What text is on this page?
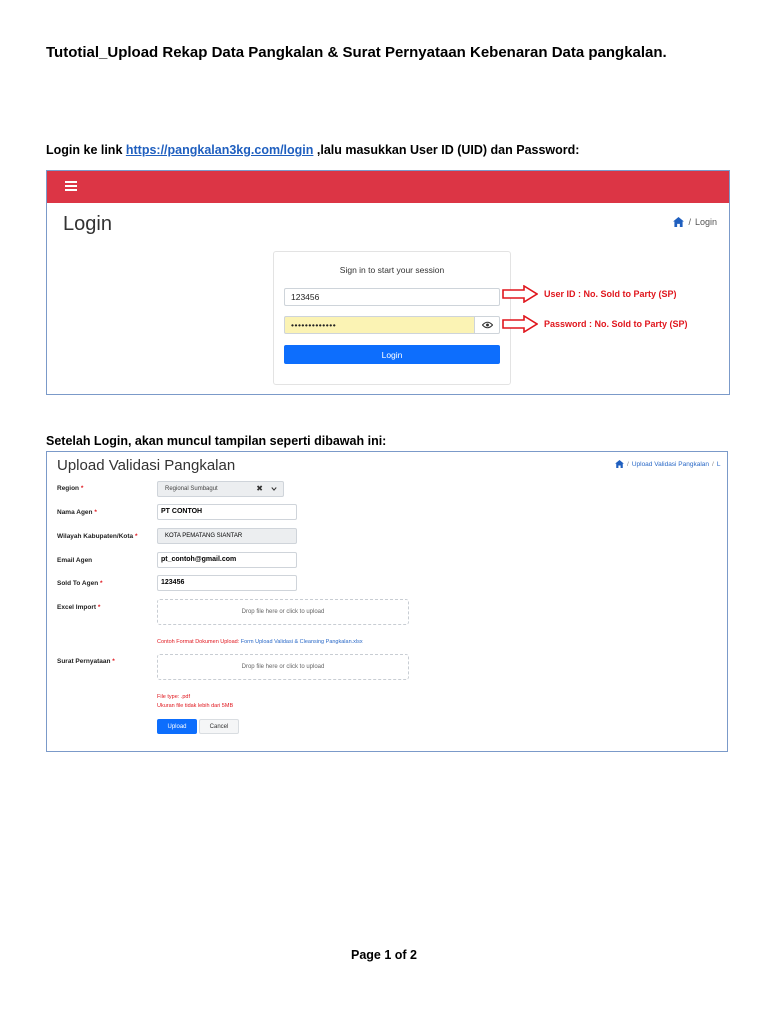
Tutotial_Upload Rekap Data Pangkalan & Surat Pernyataan Kebenaran Data pangkalan.
Login ke link https://pangkalan3kg.com/login ,lalu masukkan User ID (UID) dan Password:
Login	/ Login
Sign in to start your session
123456
•••••••••••••
Login
User ID : No. Sold to Party (SP)
Password : No. Sold to Party (SP)
Setelah Login, akan muncul tampilan seperti dibawah ini:
Upload Validasi Pangkalan	/ Upload Validasi Pangkalan / L
Region *	Regional Sumbagut	✖
Nama Agen *	PT CONTOH
Wilayah Kabupaten/Kota *	KOTA PEMATANG SIANTAR
Email Agen	pt_contoh@gmail.com
Sold To Agen *	123456
Excel Import *
Drop file here or click to upload
Contoh Format Dokumen Upload: Form Upload Validasi & Cleansing Pangkalan.xlsx
Surat Pernyataan *
Drop file here or click to upload
File type: .pdf
Ukuran file tidak lebih dari 5MB
Upload	Cancel
Page 1 of 2
